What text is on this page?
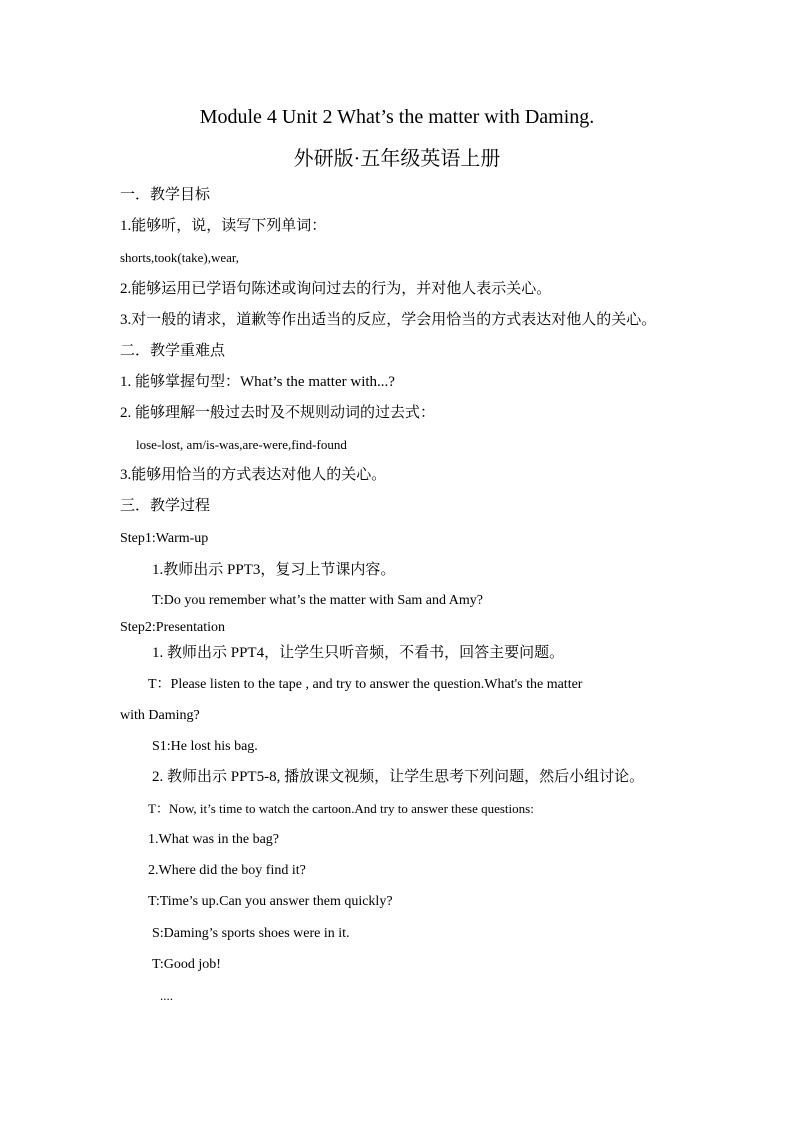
Module 4 Unit 2 What’s the matter with Daming.
外研版·五年级英语上册
一．教学目标
1.能够听，说，读写下列单词：
shorts,took(take),wear,
2.能够运用已学语句陈述或询问过去的行为，并对他人表示关心。
3.对一般的请求，道歉等作出适当的反应，学会用恰当的方式表达对他人的关心。
二．教学重难点
1. 能够掌握句型：What’s the matter with...?
2. 能够理解一般过去时及不规则动词的过去式：
lose-lost, am/is-was,are-were,find-found
3.能够用恰当的方式表达对他人的关心。
三．教学过程
Step1:Warm-up
1.教师出示 PPT3，复习上节课内容。
T:Do you remember what’s the matter with Sam and Amy?
Step2:Presentation
1. 教师出示 PPT4，让学生只听音频，不看书，回答主要问题。
T：Please listen to the tape , and try to answer the question.What's the matter
with Daming?
S1:He lost his bag.
2. 教师出示 PPT5-8, 播放课文视频，让学生思考下列问题，然后小组讨论。
T：Now, it’s time to watch the cartoon.And try to answer these questions:
1.What was in the bag?
2.Where did the boy find it?
T:Time’s up.Can you answer them quickly?
S:Daming’s sports shoes were in it.
T:Good job!
....
